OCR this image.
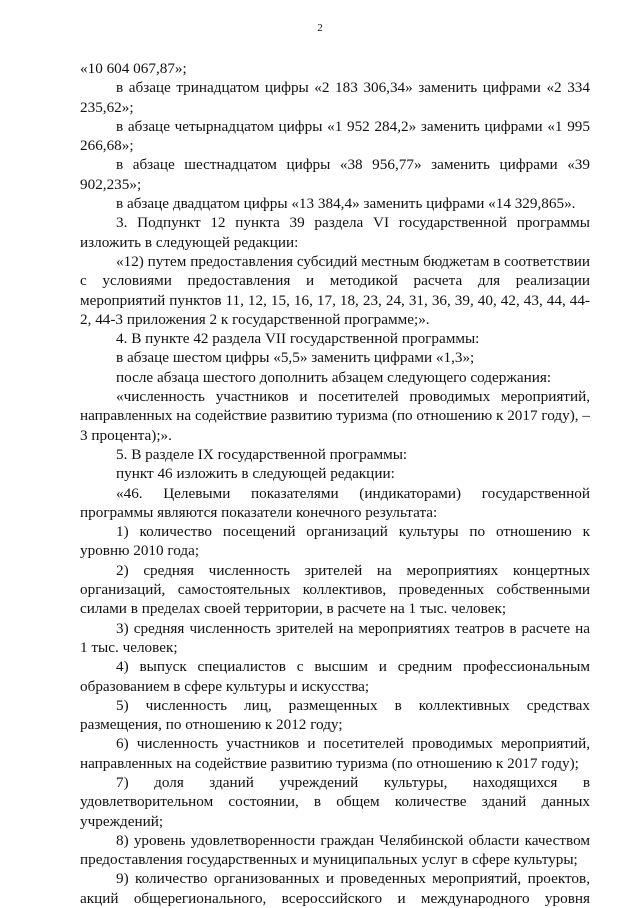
2

«10 604 067,87»;

в абзаце тринадцатом цифры «2 183 306,34» заменить цифрами «2 334 235,62»;

в абзаце четырнадцатом цифры «1 952 284,2» заменить цифрами «1 995 266,68»;

в абзаце шестнадцатом цифры «38 956,77» заменить цифрами «39 902,235»;

в абзаце двадцатом цифры «13 384,4» заменить цифрами «14 329,865».

3. Подпункт 12 пункта 39 раздела VI государственной программы изложить в следующей редакции:

«12) путем предоставления субсидий местным бюджетам в соответствии с условиями предоставления и методикой расчета для реализации мероприятий пунктов 11, 12, 15, 16, 17, 18, 23, 24, 31, 36, 39, 40, 42, 43, 44, 44-2, 44-3 приложения 2 к государственной программе;».

4. В пункте 42 раздела VII государственной программы:

в абзаце шестом цифры «5,5» заменить цифрами «1,3»;

после абзаца шестого дополнить абзацем следующего содержания:

«численность участников и посетителей проводимых мероприятий, направленных на содействие развитию туризма (по отношению к 2017 году), – 3 процента);».

5. В разделе IX государственной программы:

пункт 46 изложить в следующей редакции:

«46. Целевыми показателями (индикаторами) государственной программы являются показатели конечного результата:

1) количество посещений организаций культуры по отношению к уровню 2010 года;

2) средняя численность зрителей на мероприятиях концертных организаций, самостоятельных коллективов, проведенных собственными силами в пределах своей территории, в расчете на 1 тыс. человек;

3) средняя численность зрителей на мероприятиях театров в расчете на 1 тыс. человек;

4) выпуск специалистов с высшим и средним профессиональным образованием в сфере культуры и искусства;

5) численность лиц, размещенных в коллективных средствах размещения, по отношению к 2012 году;

6) численность участников и посетителей проводимых мероприятий, направленных на содействие развитию туризма (по отношению к 2017 году);

7) доля зданий учреждений культуры, находящихся в удовлетворительном состоянии, в общем количестве зданий данных учреждений;

8) уровень удовлетворенности граждан Челябинской области качеством предоставления государственных и муниципальных услуг в сфере культуры;

9) количество организованных и проведенных мероприятий, проектов, акций общерегионального, всероссийского и международного уровня
